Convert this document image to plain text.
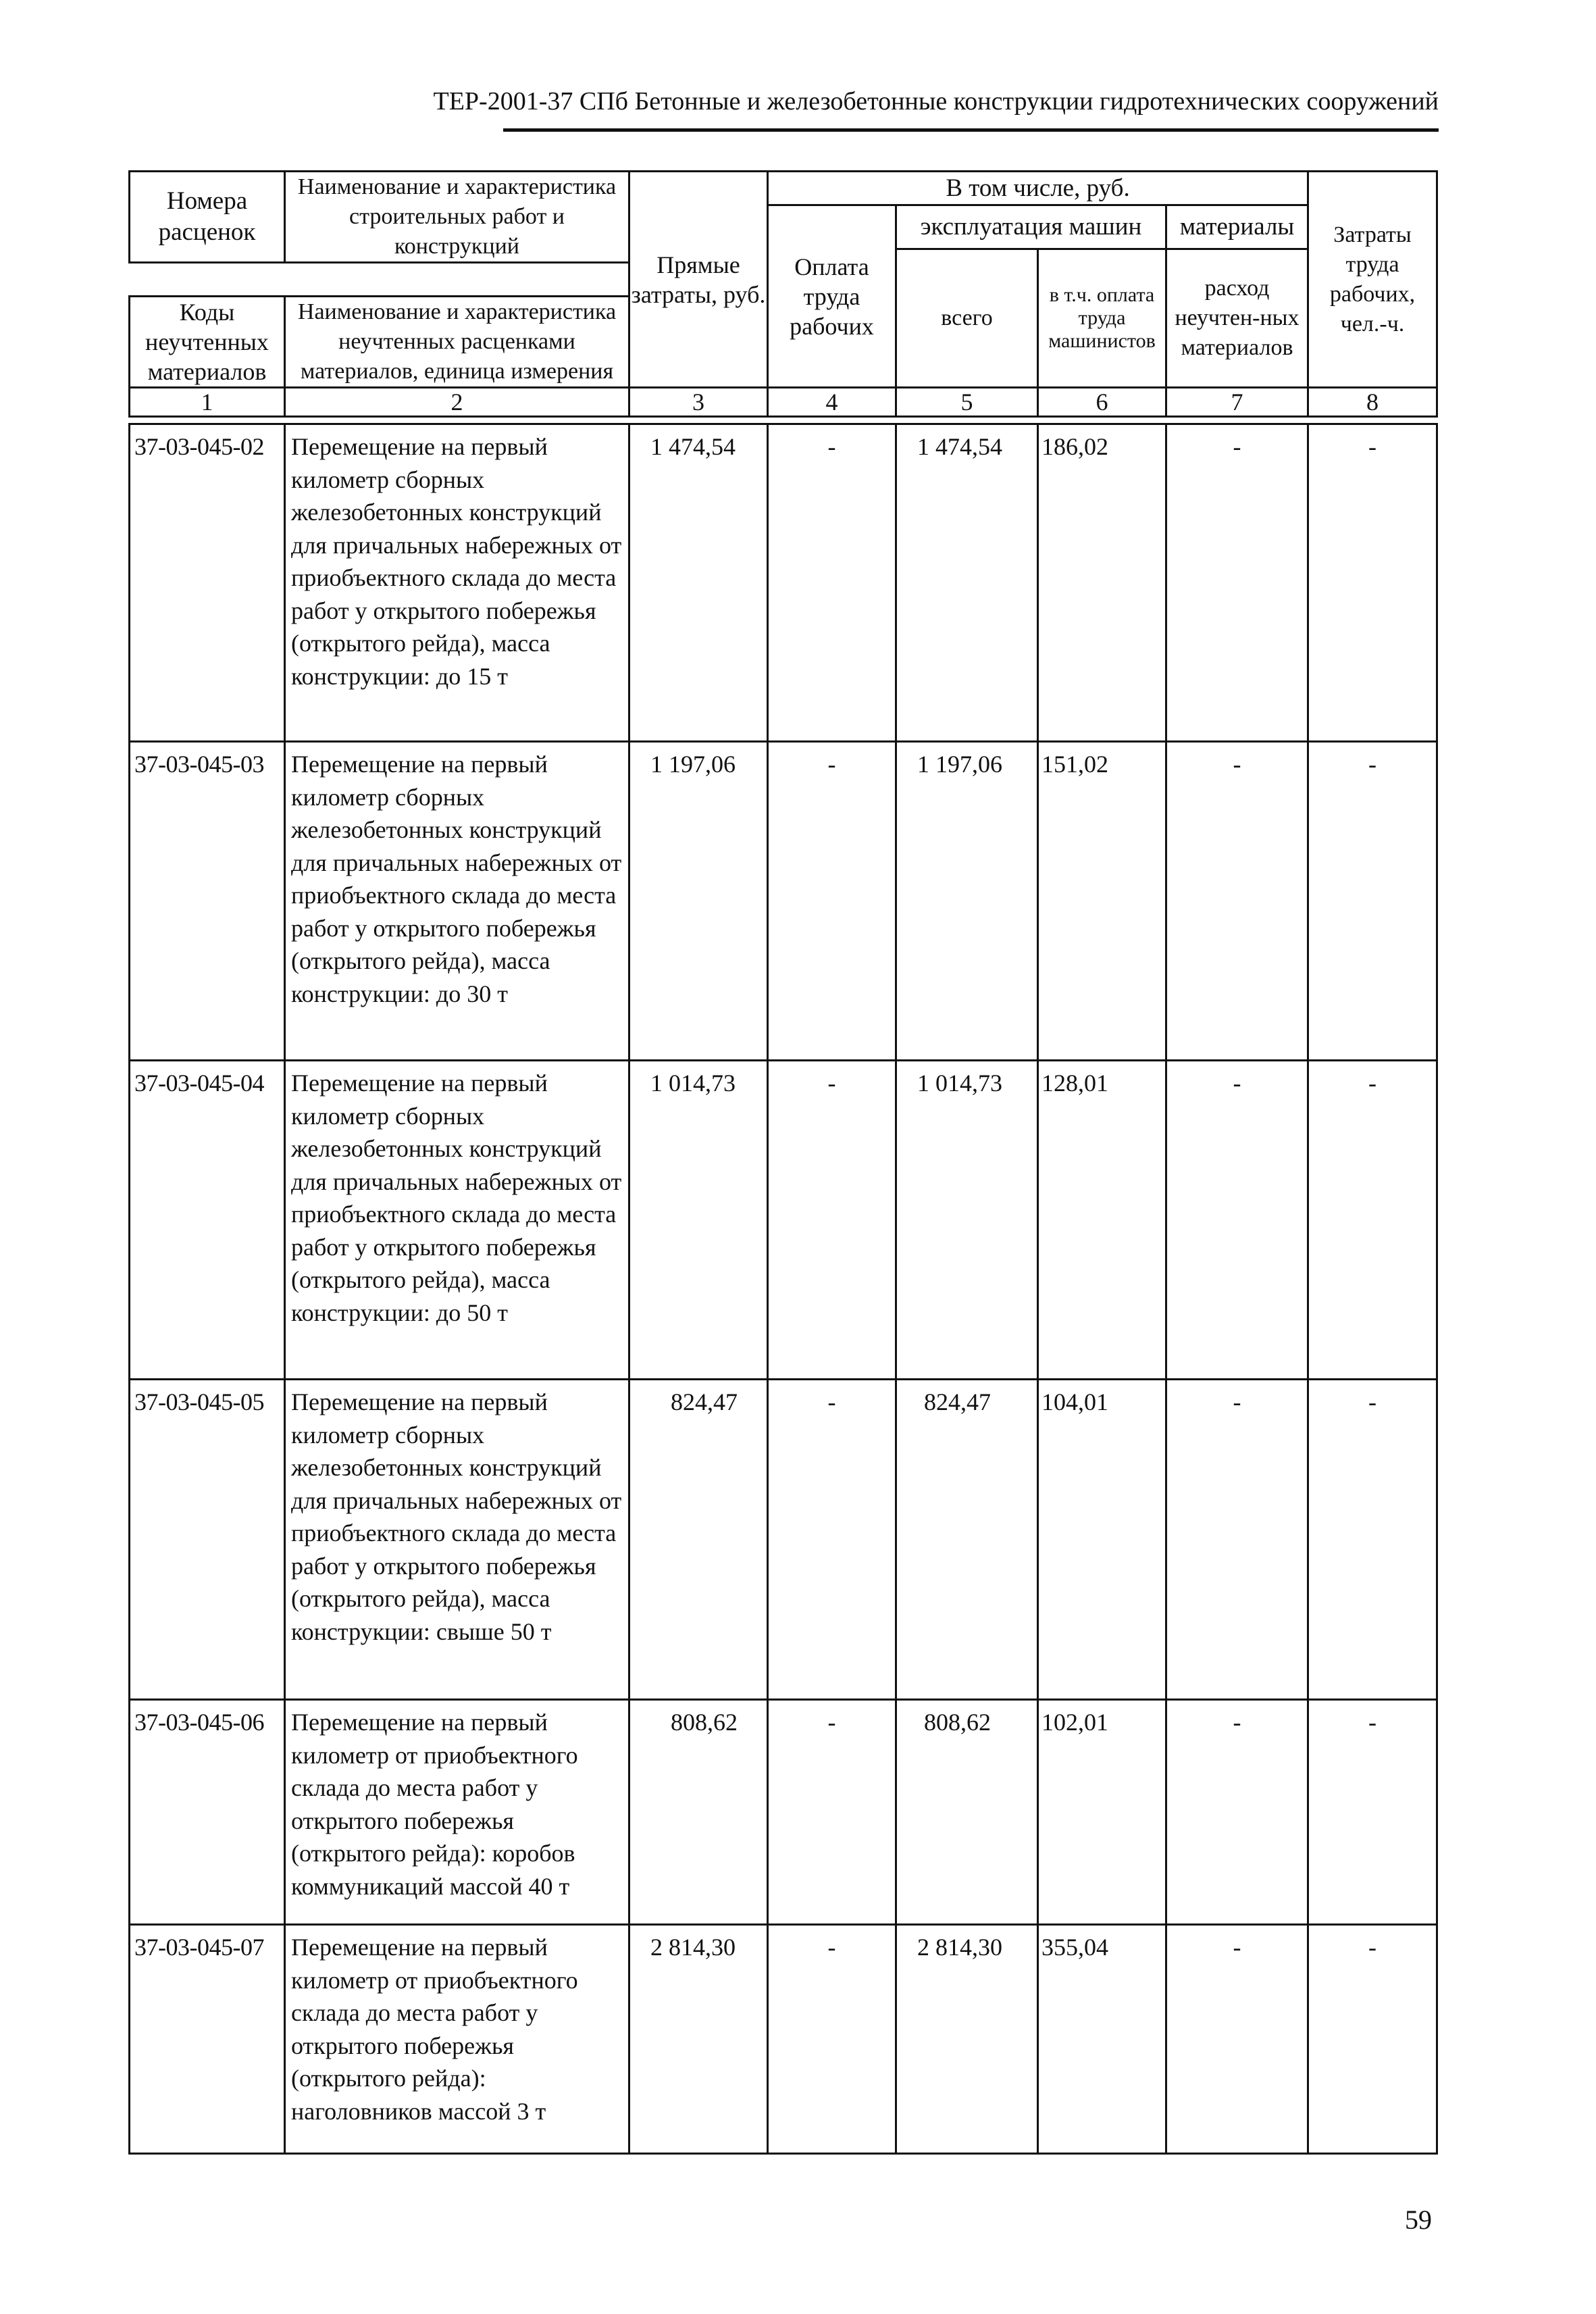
ТЕР-2001-37 СПб Бетонные и железобетонные конструкции гидротехнических сооружений
Номера расценок	Наименование и характеристика строительных работ и конструкций	Прямые затраты, руб.	В том числе, руб.				Затраты труда рабочих, чел.-ч.
			Оплата труда рабочих	эксплуатация машин		материалы	
				всего	в т.ч. оплата труда машинистов	расход неучтен-ных материалов	

Коды неучтенных материалов	Наименование и характеристика неучтенных расценками материалов, единица измерения						
1	2	3	4	5	6	7	8
37-03-045-02	Перемещение на первый километр сборных железобетонных конструкций для причальных набережных от приобъектного склада до места работ у открытого побережья (открытого рейда), масса конструкции: до 15 т	1 474,54	-	1 474,54	186,02	-	-
37-03-045-03	Перемещение на первый километр сборных железобетонных конструкций для причальных набережных от приобъектного склада до места работ у открытого побережья (открытого рейда), масса конструкции: до 30 т	1 197,06	-	1 197,06	151,02	-	-
37-03-045-04	Перемещение на первый километр сборных железобетонных конструкций для причальных набережных от приобъектного склада до места работ у открытого побережья (открытого рейда), масса конструкции: до 50 т	1 014,73	-	1 014,73	128,01	-	-
37-03-045-05	Перемещение на первый километр сборных железобетонных конструкций для причальных набережных от приобъектного склада до места работ у открытого побережья (открытого рейда), масса конструкции: свыше 50 т	824,47	-	824,47	104,01	-	-
37-03-045-06	Перемещение на первый километр от приобъектного склада до места работ у открытого побережья (открытого рейда): коробов коммуникаций массой 40 т	808,62	-	808,62	102,01	-	-
37-03-045-07	Перемещение на первый километр от приобъектного склада до места работ у открытого побережья (открытого рейда): наголовников массой 3 т	2 814,30	-	2 814,30	355,04	-	-
59
